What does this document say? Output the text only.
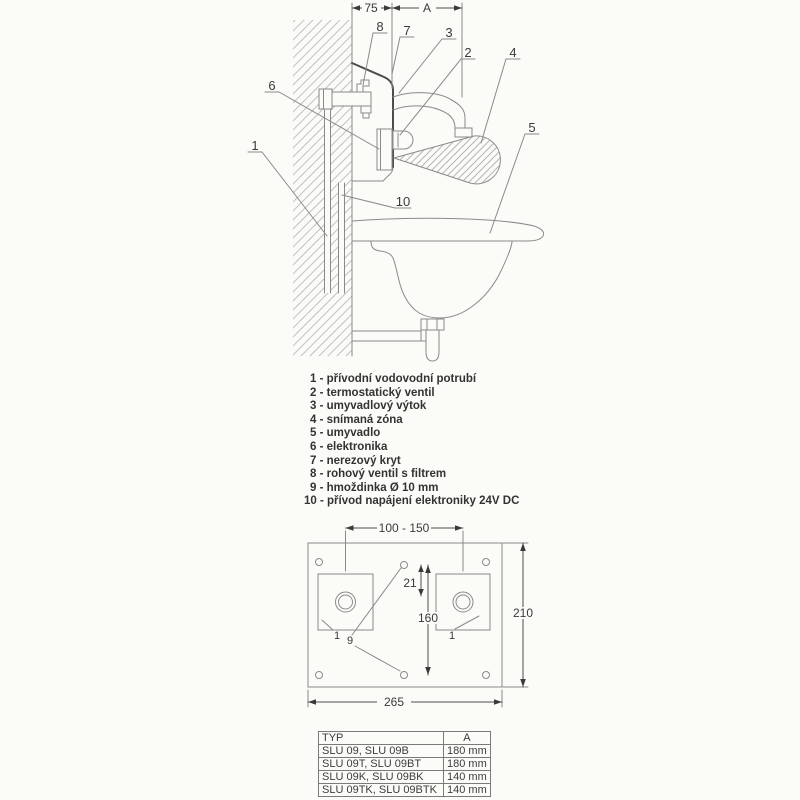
75	A
8 7	3
2	4
6
1
5
10
100 - 150
21
160	210
265
1 9	1
1 - přívodní vodovodní potrubí
2 - termostatický ventil
3 - umyvadlový výtok
4 - snímaná zóna
5 - umyvadlo
6 - elektronika
7 - nerezový kryt
8 - rohový ventil s filtrem
9 - hmoždinka Ø 10 mm
10 - přívod napájení elektroniky 24V DC
TYP	A
SLU 09, SLU 09B	180 mm
SLU 09T, SLU 09BT	180 mm
SLU 09K, SLU 09BK	140 mm
SLU 09TK, SLU 09BTK	140 mm
